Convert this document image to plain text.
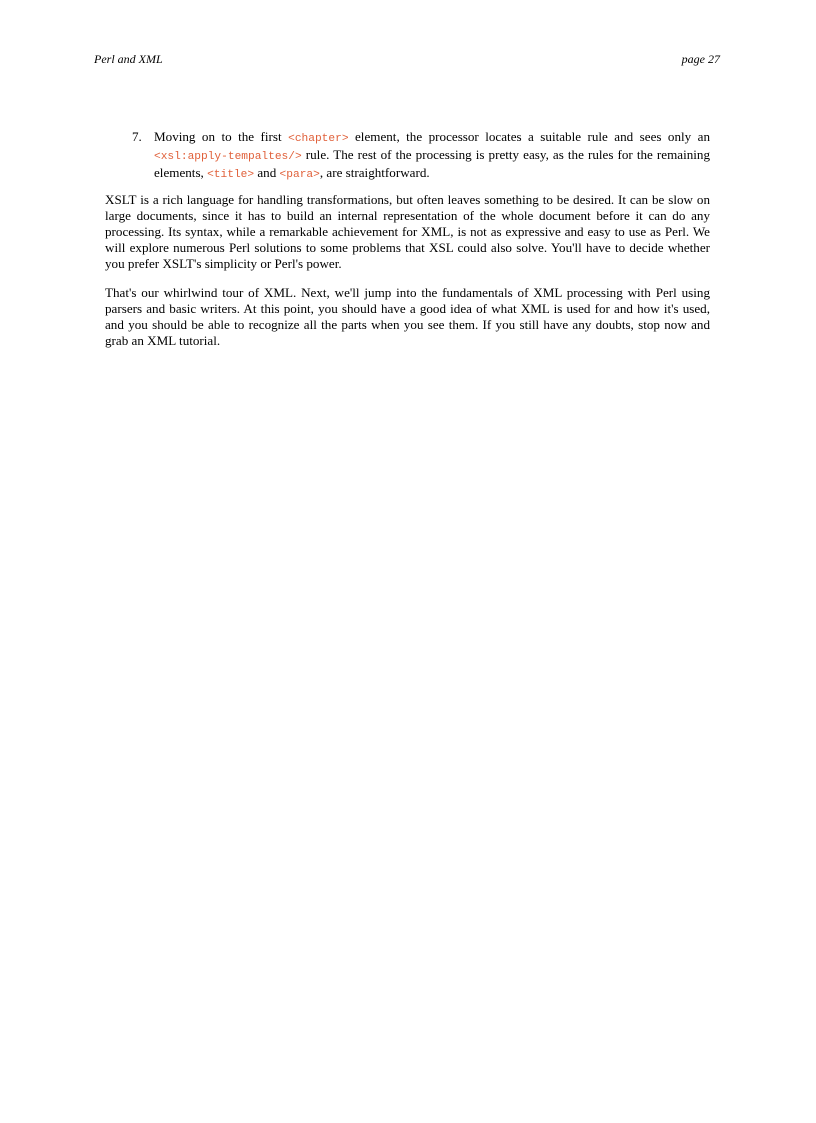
Perl and XML	page 27
7. Moving on to the first <chapter> element, the processor locates a suitable rule and sees only an <xsl:apply-tempaltes/> rule. The rest of the processing is pretty easy, as the rules for the remaining elements, <title> and <para>, are straightforward.

XSLT is a rich language for handling transformations, but often leaves something to be desired. It can be slow on large documents, since it has to build an internal representation of the whole document before it can do any processing. Its syntax, while a remarkable achievement for XML, is not as expressive and easy to use as Perl. We will explore numerous Perl solutions to some problems that XSL could also solve. You'll have to decide whether you prefer XSLT's simplicity or Perl's power.

That's our whirlwind tour of XML. Next, we'll jump into the fundamentals of XML processing with Perl using parsers and basic writers. At this point, you should have a good idea of what XML is used for and how it's used, and you should be able to recognize all the parts when you see them. If you still have any doubts, stop now and grab an XML tutorial.
